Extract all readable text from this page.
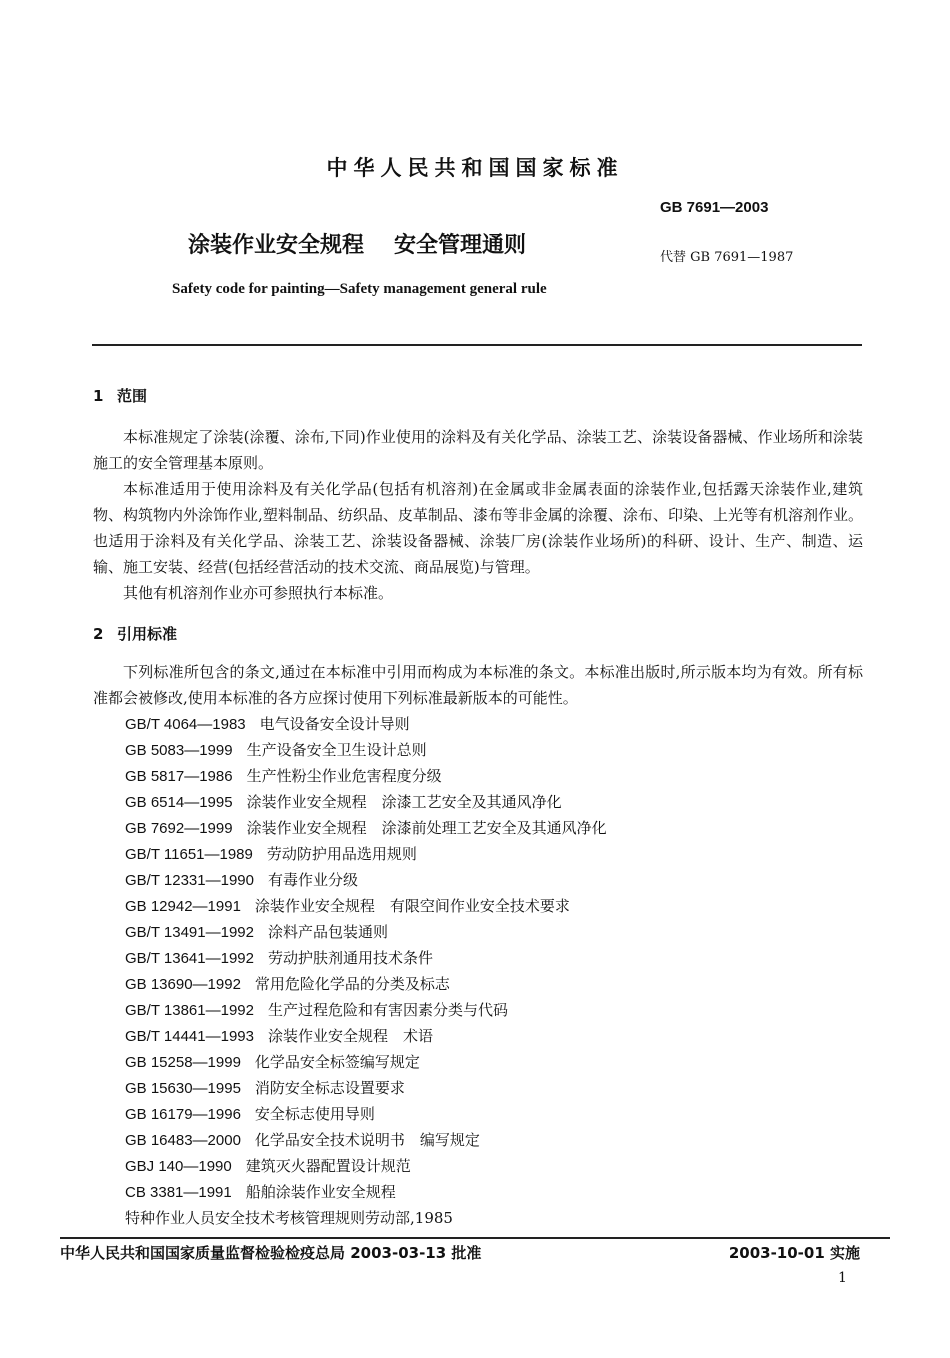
中华人民共和国国家标准
GB 7691—2003
涂装作业安全规程 安全管理通则	代替 GB 7691—1987
Safety code for painting—Safety management general rule
1 范围
本标准规定了涂装(涂覆、涂布,下同)作业使用的涂料及有关化学品、涂装工艺、涂装设备器械、作业场所和涂装施工的安全管理基本原则。
本标准适用于使用涂料及有关化学品(包括有机溶剂)在金属或非金属表面的涂装作业,包括露天涂装作业,建筑物、构筑物内外涂饰作业,塑料制品、纺织品、皮革制品、漆布等非金属的涂覆、涂布、印染、上光等有机溶剂作业。也适用于涂料及有关化学品、涂装工艺、涂装设备器械、涂装厂房(涂装作业场所)的科研、设计、生产、制造、运输、施工安装、经营(包括经营活动的技术交流、商品展览)与管理。
其他有机溶剂作业亦可参照执行本标准。
2 引用标准
下列标准所包含的条文,通过在本标准中引用而构成为本标准的条文。本标准出版时,所示版本均为有效。所有标准都会被修改,使用本标准的各方应探讨使用下列标准最新版本的可能性。
GB/T 4064—1983 电气设备安全设计导则
GB 5083—1999 生产设备安全卫生设计总则
GB 5817—1986 生产性粉尘作业危害程度分级
GB 6514—1995 涂装作业安全规程　涂漆工艺安全及其通风净化
GB 7692—1999 涂装作业安全规程　涂漆前处理工艺安全及其通风净化
GB/T 11651—1989 劳动防护用品选用规则
GB/T 12331—1990 有毒作业分级
GB 12942—1991 涂装作业安全规程　有限空间作业安全技术要求
GB/T 13491—1992 涂料产品包装通则
GB/T 13641—1992 劳动护肤剂通用技术条件
GB 13690—1992 常用危险化学品的分类及标志
GB/T 13861—1992 生产过程危险和有害因素分类与代码
GB/T 14441—1993 涂装作业安全规程　术语
GB 15258—1999 化学品安全标签编写规定
GB 15630—1995 消防安全标志设置要求
GB 16179—1996 安全标志使用导则
GB 16483—2000 化学品安全技术说明书　编写规定
GBJ 140—1990 建筑灭火器配置设计规范
CB 3381—1991 船舶涂装作业安全规程
特种作业人员安全技术考核管理规则劳动部,1985
中华人民共和国国家质量监督检验检疫总局 2003-03-13 批准	2003-10-01 实施
1
